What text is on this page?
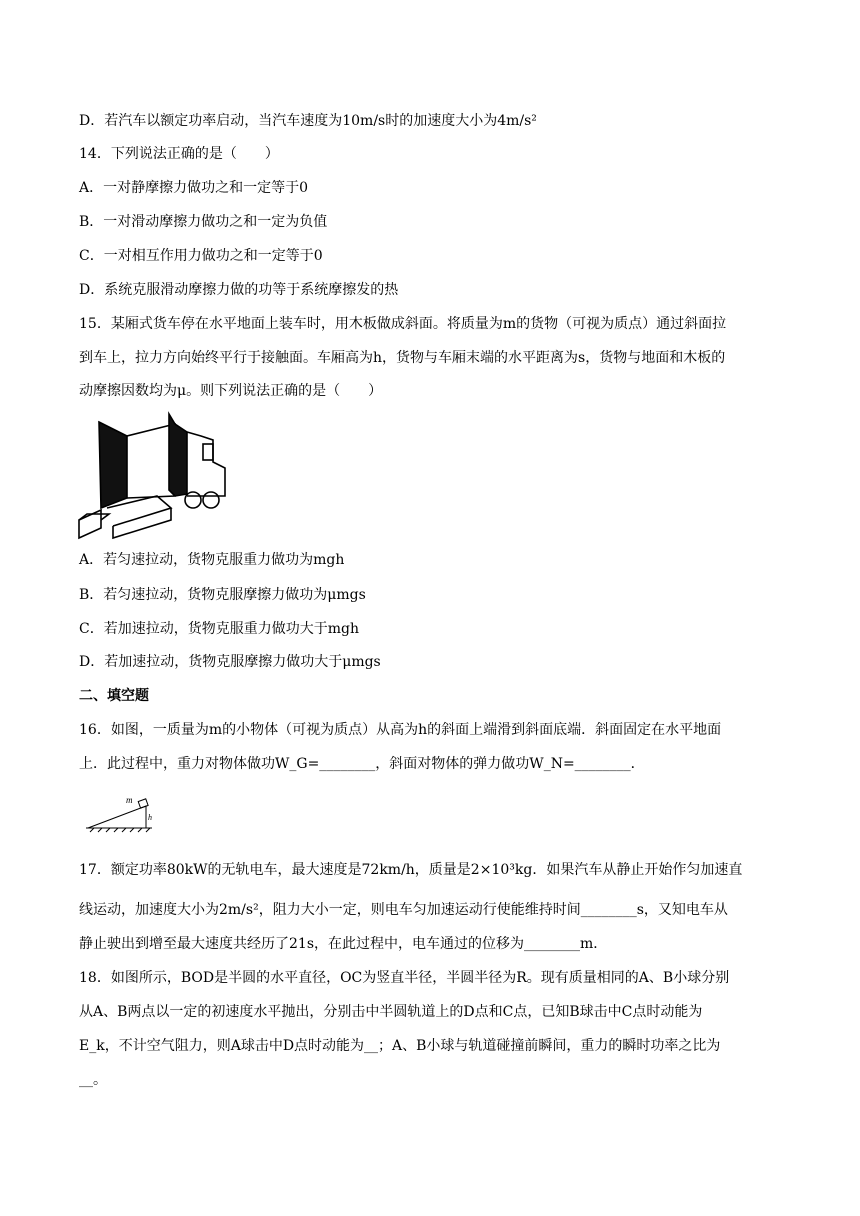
D．若汽车以额定功率启动，当汽车速度为10m/s时的加速度大小为4m/s²
14．下列说法正确的是（　　）
A．一对静摩擦力做功之和一定等于0
B．一对滑动摩擦力做功之和一定为负值
C．一对相互作用力做功之和一定等于0
D．系统克服滑动摩擦力做的功等于系统摩擦发的热
15．某厢式货车停在水平地面上装车时，用木板做成斜面。将质量为m的货物（可视为质点）通过斜面拉
到车上，拉力方向始终平行于接触面。车厢高为h，货物与车厢末端的水平距离为s，货物与地面和木板的
动摩擦因数均为μ。则下列说法正确的是（　　）
A．若匀速拉动，货物克服重力做功为mgh
B．若匀速拉动，货物克服摩擦力做功为μmgs
C．若加速拉动，货物克服重力做功大于mgh
D．若加速拉动，货物克服摩擦力做功大于μmgs
二、填空题
16．如图，一质量为m的小物体（可视为质点）从高为h的斜面上端滑到斜面底端．斜面固定在水平地面
上．此过程中，重力对物体做功W_G=________，斜面对物体的弹力做功W_N=________．
m
h
17．额定功率80kW的无轨电车，最大速度是72km/h，质量是2×10³kg．如果汽车从静止开始作匀加速直
线运动，加速度大小为2m/s²，阻力大小一定，则电车匀加速运动行使能维持时间________s，又知电车从
静止驶出到增至最大速度共经历了21s，在此过程中，电车通过的位移为________m．
18．如图所示，BOD是半圆的水平直径，OC为竖直半径，半圆半径为R。现有质量相同的A、B小球分别
从A、B两点以一定的初速度水平抛出，分别击中半圆轨道上的D点和C点，已知B球击中C点时动能为
E_k，不计空气阻力，则A球击中D点时动能为__；A、B小球与轨道碰撞前瞬间，重力的瞬时功率之比为
__。
